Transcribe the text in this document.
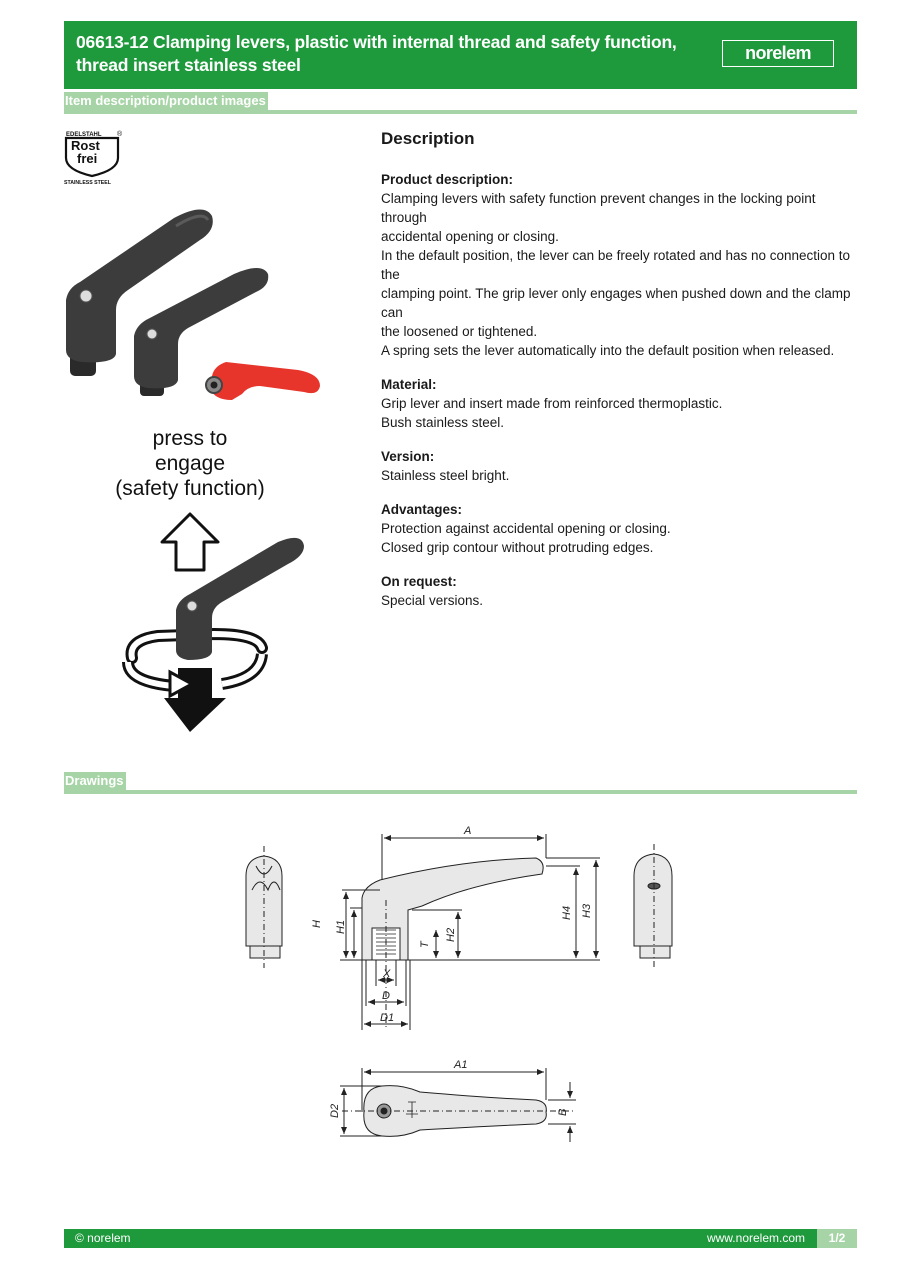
06613-12 Clamping levers, plastic with internal thread and safety function,
thread insert stainless steel
norelem
Item description/product images
EDELSTAHL ®
Rost
frei
STAINLESS STEEL
press to
engage
(safety function)
Description
Product description:
Clamping levers with safety function prevent changes in the locking point through
accidental opening or closing.
In the default position, the lever can be freely rotated and has no connection to the
clamping point. The grip lever only engages when pushed down and the clamp can
the loosened or tightened.
A spring sets the lever automatically into the default position when released.
Material:
Grip lever and insert made from reinforced thermoplastic.
Bush stainless steel.
Version:
Stainless steel bright.
Advantages:
Protection against accidental opening or closing.
Closed grip contour without protruding edges.
On request:
Special versions.
Drawings
A
H H1
H2
T
H4 H3
X
D
D1
A1
D2	B
© norelem	www.norelem.com	1/2
